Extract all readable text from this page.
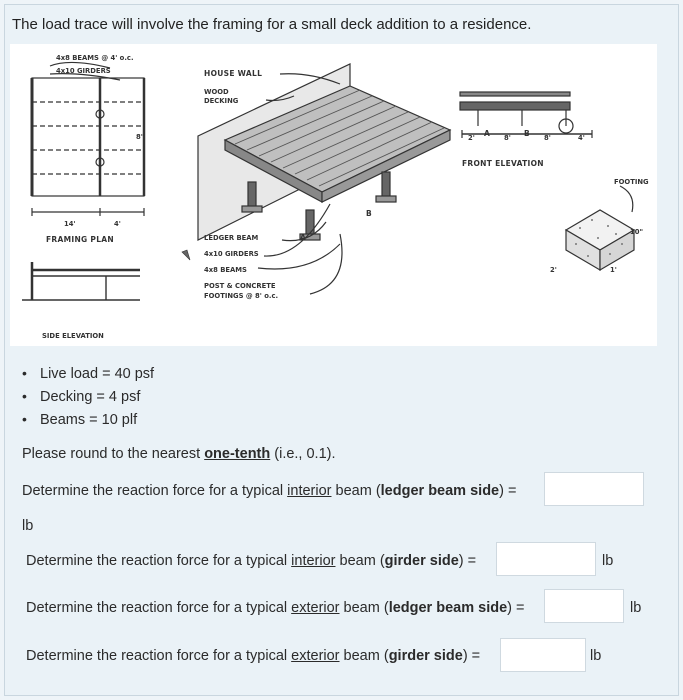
The load trace will involve the framing for a small deck addition to a residence.
4x8 BEAMS @ 4' o.c.
4x10 GIRDERS
14'	4'
8'
FRAMING PLAN
SIDE ELEVATION
HOUSE WALL
WOOD
DECKING
B
A
LEDGER BEAM
4x10 GIRDERS
4x8 BEAMS
POST & CONCRETE
FOOTINGS @ 8' o.c.
2' A 8' B 8'	4'
FRONT ELEVATION
FOOTING
10"
2'	1'
• Live load = 40 psf
• Decking = 4 psf
• Beams = 10 plf
Please round to the nearest one-tenth (i.e., 0.1).
Determine the reaction force for a typical interior beam (ledger beam side) =
lb
Determine the reaction force for a typical interior beam (girder side) =	lb
Determine the reaction force for a typical exterior beam (ledger beam side) =	lb
Determine the reaction force for a typical exterior beam (girder side) =	lb
